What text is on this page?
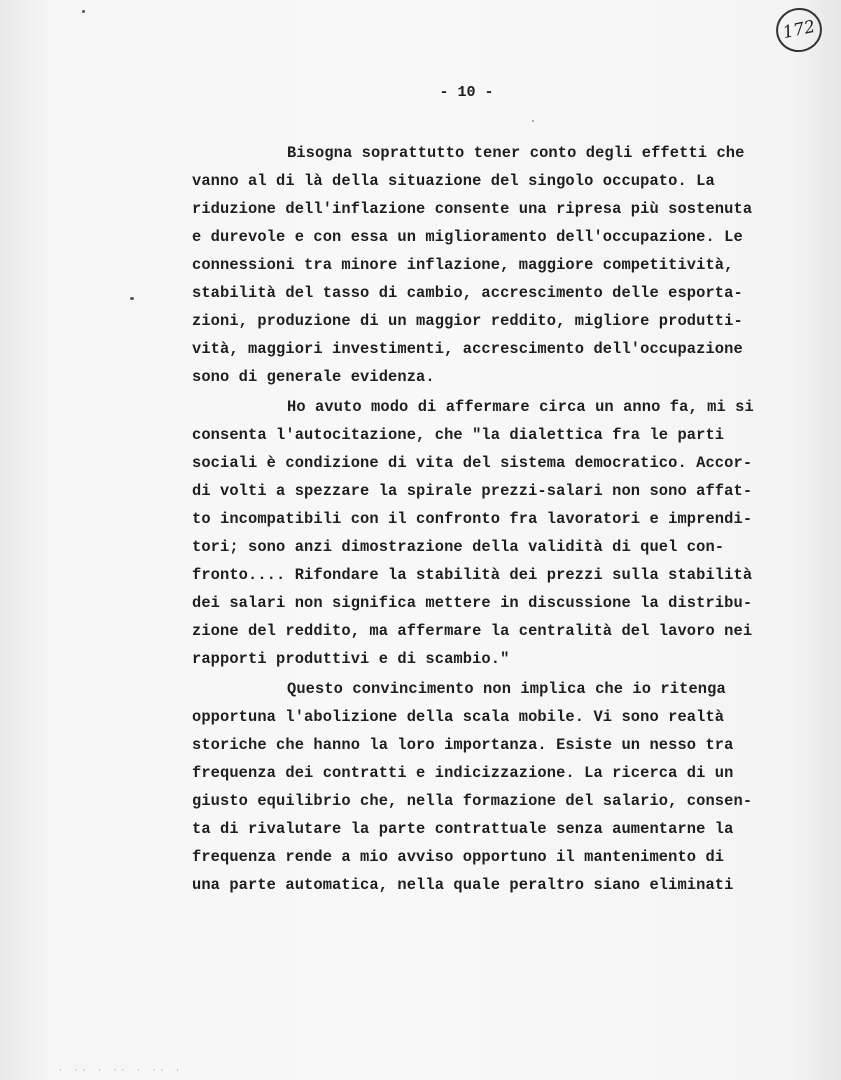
172
- 10 -
Bisogna soprattutto tener conto degli effetti che
vanno al di là della situazione del singolo occupato. La
riduzione dell'inflazione consente una ripresa più sostenuta
e durevole e con essa un miglioramento dell'occupazione. Le
connessioni tra minore inflazione, maggiore competitività,
stabilità del tasso di cambio, accrescimento delle esporta-
zioni, produzione di un maggior reddito, migliore produtti-
vità, maggiori investimenti, accrescimento dell'occupazione
sono di generale evidenza.
Ho avuto modo di affermare circa un anno fa, mi si
consenta l'autocitazione, che "la dialettica fra le parti
sociali è condizione di vita del sistema democratico. Accor-
di volti a spezzare la spirale prezzi-salari non sono affat-
to incompatibili con il confronto fra lavoratori e imprendi-
tori; sono anzi dimostrazione della validità di quel con-
fronto.... Rifondare la stabilità dei prezzi sulla stabilità
dei salari non significa mettere in discussione la distribu-
zione del reddito, ma affermare la centralità del lavoro nei
rapporti produttivi e di scambio."
Questo convincimento non implica che io ritenga
opportuna l'abolizione della scala mobile. Vi sono realtà
storiche che hanno la loro importanza. Esiste un nesso tra
frequenza dei contratti e indicizzazione. La ricerca di un
giusto equilibrio che, nella formazione del salario, consen-
ta di rivalutare la parte contrattuale senza aumentarne la
frequenza rende a mio avviso opportuno il mantenimento di
una parte automatica, nella quale peraltro siano eliminati
· ·· · ·· · ·· ·
